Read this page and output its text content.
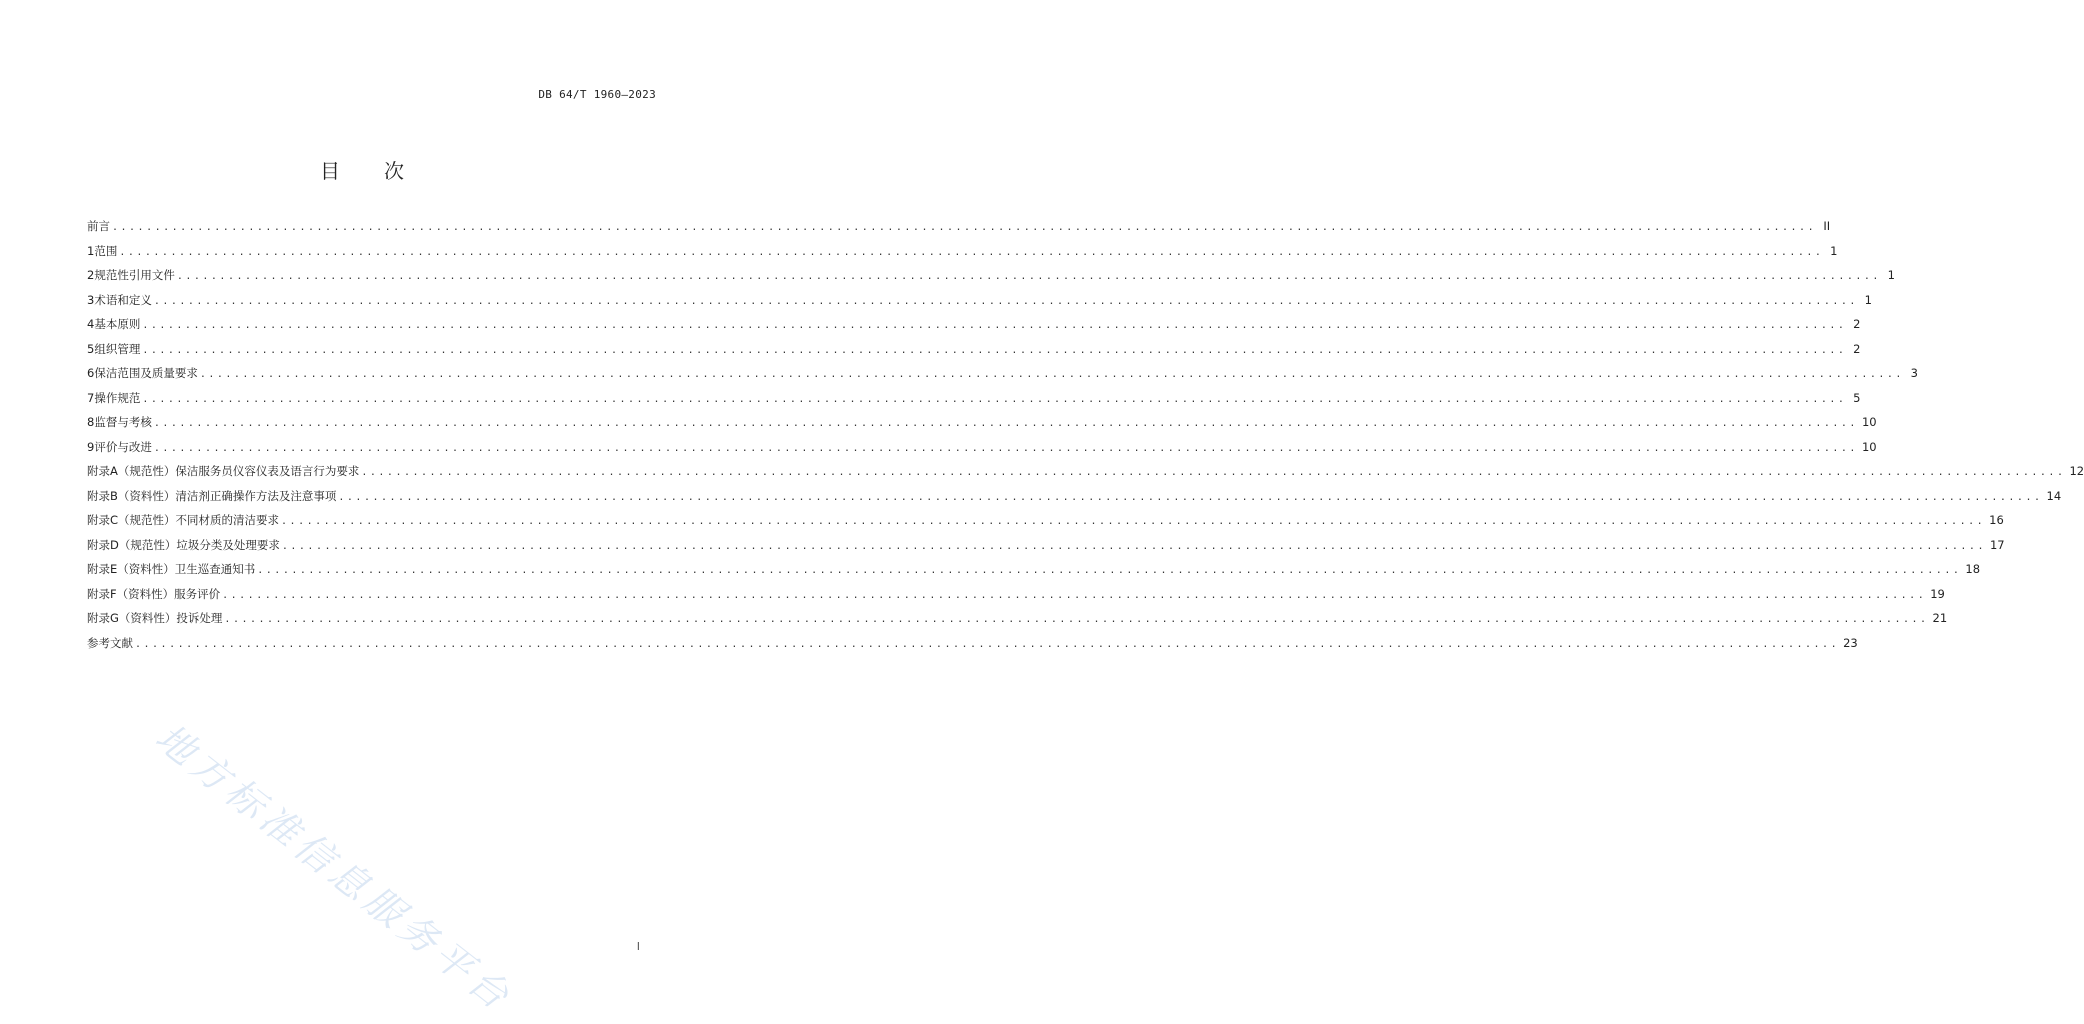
DB 64/T 1960—2023
目 次
前言 ........................................................................................................................................................................................................ II
1 范围 ........................................................................................................................................................................................................ 1
2 规范性引用文件 ........................................................................................................................................................................................................ 1
3 术语和定义 ........................................................................................................................................................................................................ 1
4 基本原则 ........................................................................................................................................................................................................ 2
5 组织管理 ........................................................................................................................................................................................................ 2
6 保洁范围及质量要求 ........................................................................................................................................................................................................ 3
7 操作规范 ........................................................................................................................................................................................................ 5
8 监督与考核 ........................................................................................................................................................................................................ 10
9 评价与改进 ........................................................................................................................................................................................................ 10
附录A（规范性） 保洁服务员仪容仪表及语言行为要求 ........................................................................................................................................................................................................ 12
附录B（资料性） 清洁剂正确操作方法及注意事项 ........................................................................................................................................................................................................ 14
附录C（规范性） 不同材质的清洁要求 ........................................................................................................................................................................................................ 16
附录D（规范性） 垃圾分类及处理要求 ........................................................................................................................................................................................................ 17
附录E（资料性） 卫生巡查通知书 ........................................................................................................................................................................................................ 18
附录F（资料性） 服务评价 ........................................................................................................................................................................................................ 19
附录G（资料性） 投诉处理 ........................................................................................................................................................................................................ 21
参考文献 ........................................................................................................................................................................................................ 23
地方标准信息服务平台	I
